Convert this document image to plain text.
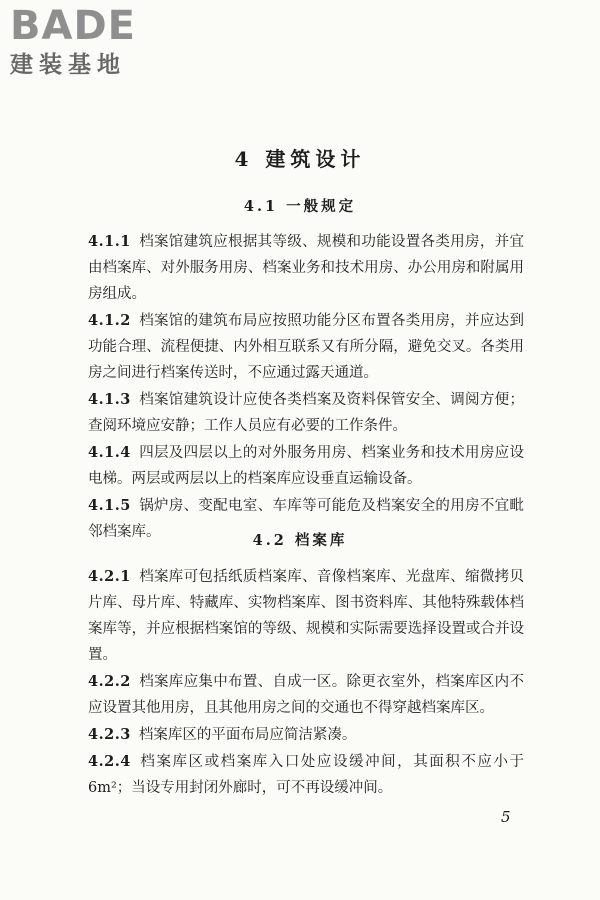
BADE
建装基地
4 建筑设计
4.1 一般规定

4.1.1 档案馆建筑应根据其等级、规模和功能设置各类用房，并宜由档案库、对外服务用房、档案业务和技术用房、办公用房和附属用房组成。

4.1.2 档案馆的建筑布局应按照功能分区布置各类用房，并应达到功能合理、流程便捷、内外相互联系又有所分隔，避免交叉。各类用房之间进行档案传送时，不应通过露天通道。

4.1.3 档案馆建筑设计应使各类档案及资料保管安全、调阅方便；查阅环境应安静；工作人员应有必要的工作条件。

4.1.4 四层及四层以上的对外服务用房、档案业务和技术用房应设电梯。两层或两层以上的档案库应设垂直运输设备。

4.1.5 锅炉房、变配电室、车库等可能危及档案安全的用房不宜毗邻档案库。	4.2 档案库

4.2.1 档案库可包括纸质档案库、音像档案库、光盘库、缩微拷贝片库、母片库、特藏库、实物档案库、图书资料库、其他特殊载体档案库等，并应根据档案馆的等级、规模和实际需要选择设置或合并设置。

4.2.2 档案库应集中布置、自成一区。除更衣室外，档案库区内不应设置其他用房，且其他用房之间的交通也不得穿越档案库区。

4.2.3 档案库区的平面布局应简洁紧凑。

4.2.4 档案库区或档案库入口处应设缓冲间，其面积不应小于6m²；当设专用封闭外廊时，可不再设缓冲间。

5
